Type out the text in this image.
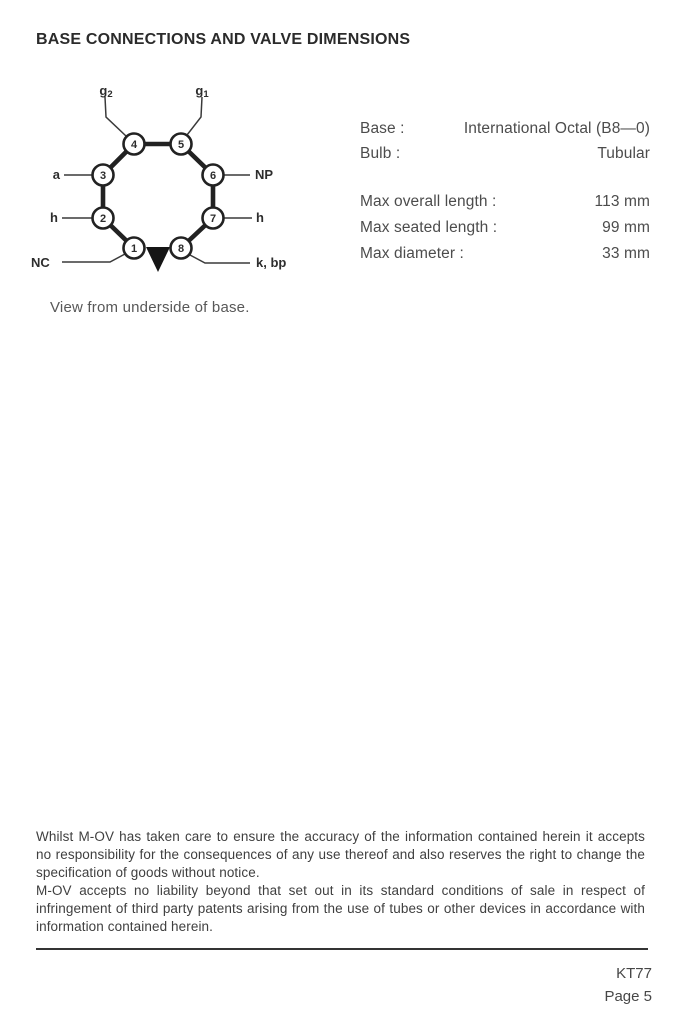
BASE CONNECTIONS AND VALVE DIMENSIONS
1
2
3
4	5
6
7
8
g2	g1
a
h
NC
NP
h
k, bp
View from underside of base.
Base :	International Octal (B8—0)
Bulb :	Tubular
Max overall length :	113 mm
Max seated length :	99 mm
Max diameter :	33 mm

Whilst M-OV has taken care to ensure the accuracy of the information contained herein it accepts no responsibility for the consequences of any use thereof and also reserves the right to change the specification of goods without notice.

M-OV accepts no liability beyond that set out in its standard conditions of sale in respect of infringement of third party patents arising from the use of tubes or other devices in accordance with information contained herein.

KT77
Page 5
